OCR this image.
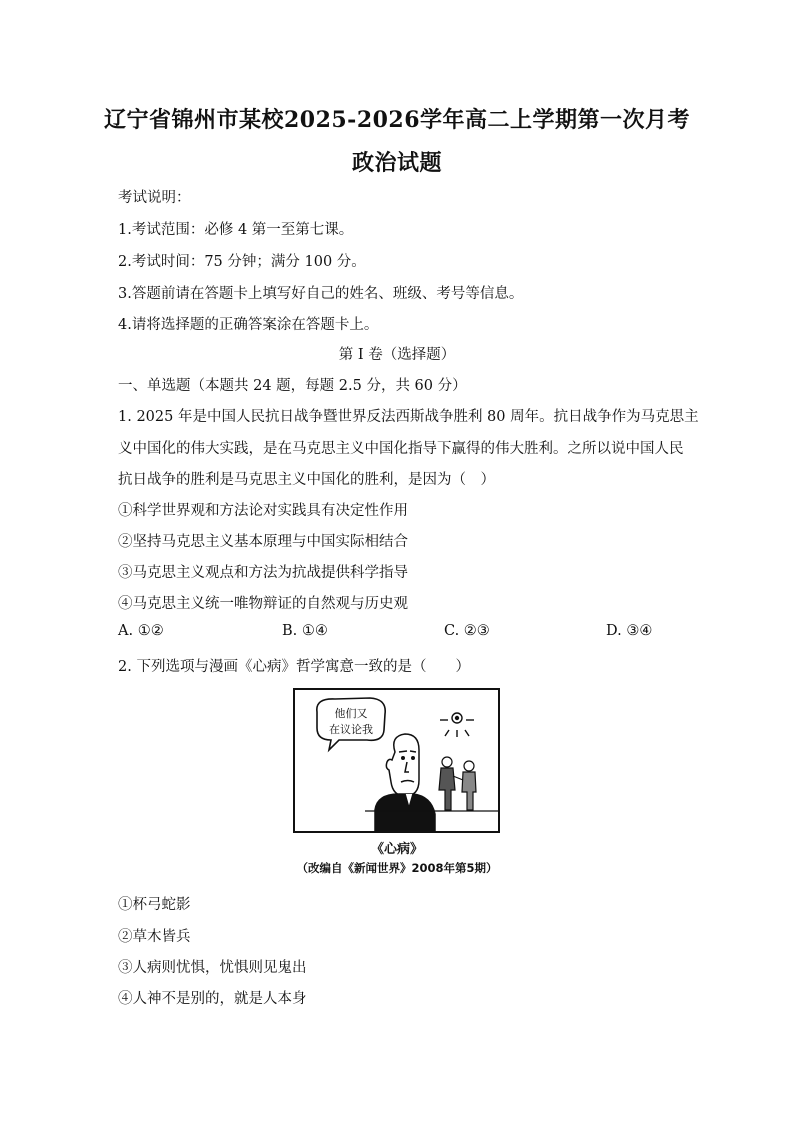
辽宁省锦州市某校2025-2026学年高二上学期第一次月考
政治试题
考试说明：
1.考试范围：必修 4 第一至第七课。
2.考试时间：75 分钟；满分 100 分。
3.答题前请在答题卡上填写好自己的姓名、班级、考号等信息。
4.请将选择题的正确答案涂在答题卡上。
第 I 卷（选择题）
一、单选题（本题共 24 题，每题 2.5 分，共 60 分）
1. 2025 年是中国人民抗日战争暨世界反法西斯战争胜利 80 周年。抗日战争作为马克思主
义中国化的伟大实践，是在马克思主义中国化指导下赢得的伟大胜利。之所以说中国人民
抗日战争的胜利是马克思主义中国化的胜利，是因为（　）
①科学世界观和方法论对实践具有决定性作用
②坚持马克思主义基本原理与中国实际相结合
③马克思主义观点和方法为抗战提供科学指导
④马克思主义统一唯物辩证的自然观与历史观
A. ①②	B. ①④	C. ②③	D. ③④
2. 下列选项与漫画《心病》哲学寓意一致的是（　　）
他们又
在议论我
《心病》
（改编自《新闻世界》2008年第5期）
①杯弓蛇影
②草木皆兵
③人病则忧惧，忧惧则见鬼出
④人神不是别的，就是人本身
